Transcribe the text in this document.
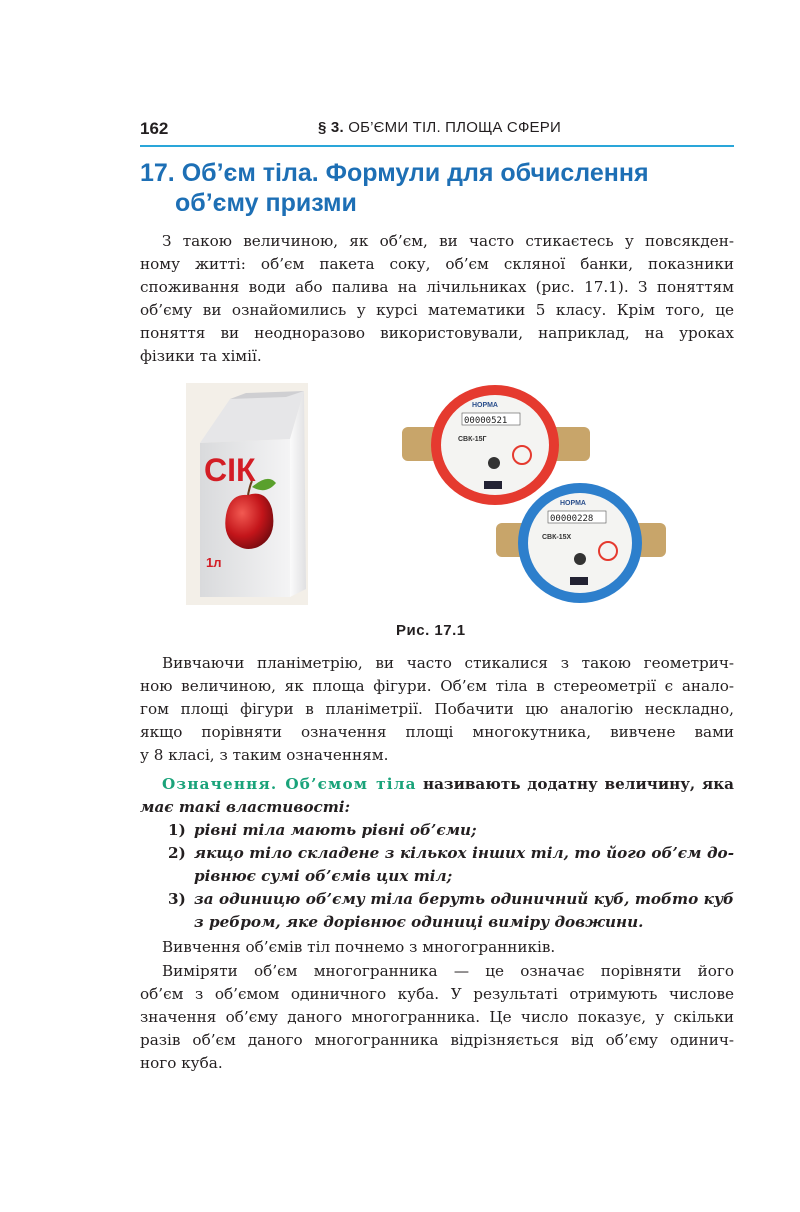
162	§ 3. ОБ’ЄМИ ТІЛ. ПЛОЩА СФЕРИ
17. Об’єм тіла. Формули для обчислення
об’єму призми

З такою величиною, як об’єм, ви часто стикаєтесь у повсякден-
ному житті: об’єм пакета соку, об’єм скляної банки, показники
споживання води або палива на лічильниках (рис. 17.1). З поняттям
об’єму ви ознайомились у курсі математики 5 класу. Крім того, це
поняття ви неодноразово використовували, наприклад, на уроках
фізики та хімії.

СІК
1л
НОРМА
00000521
СВК-15Г
НОРМА
00000228
СВК-15Х
Рис. 17.1

Вивчаючи планіметрію, ви часто стикалися з такою геометрич-
ною величиною, як площа фігури. Об’єм тіла в стереометрії є анало-
гом площі фігури в планіметрії. Побачити цю аналогію нескладно,
якщо порівняти означення площі многокутника, вивчене вами
у 8 класі, з таким означенням.

Означення. Об’ємом тіла називають додатну величину, яка
має такі властивості:

1) рівні тіла мають рівні об’єми;
2) якщо тіло складене з кількох інших тіл, то його об’єм до-
рівнює сумі об’ємів цих тіл;
3) за одиницю об’єму тіла беруть одиничний куб, тобто куб
з ребром, яке дорівнює одиниці виміру довжини.

Вивчення об’ємів тіл почнемо з многогранників.

Виміряти об’єм многогранника — це означає порівняти його
об’єм з об’ємом одиничного куба. У результаті отримують числове
значення об’єму даного многогранника. Це число показує, у скільки
разів об’єм даного многогранника відрізняється від об’єму одинич-
ного куба.
